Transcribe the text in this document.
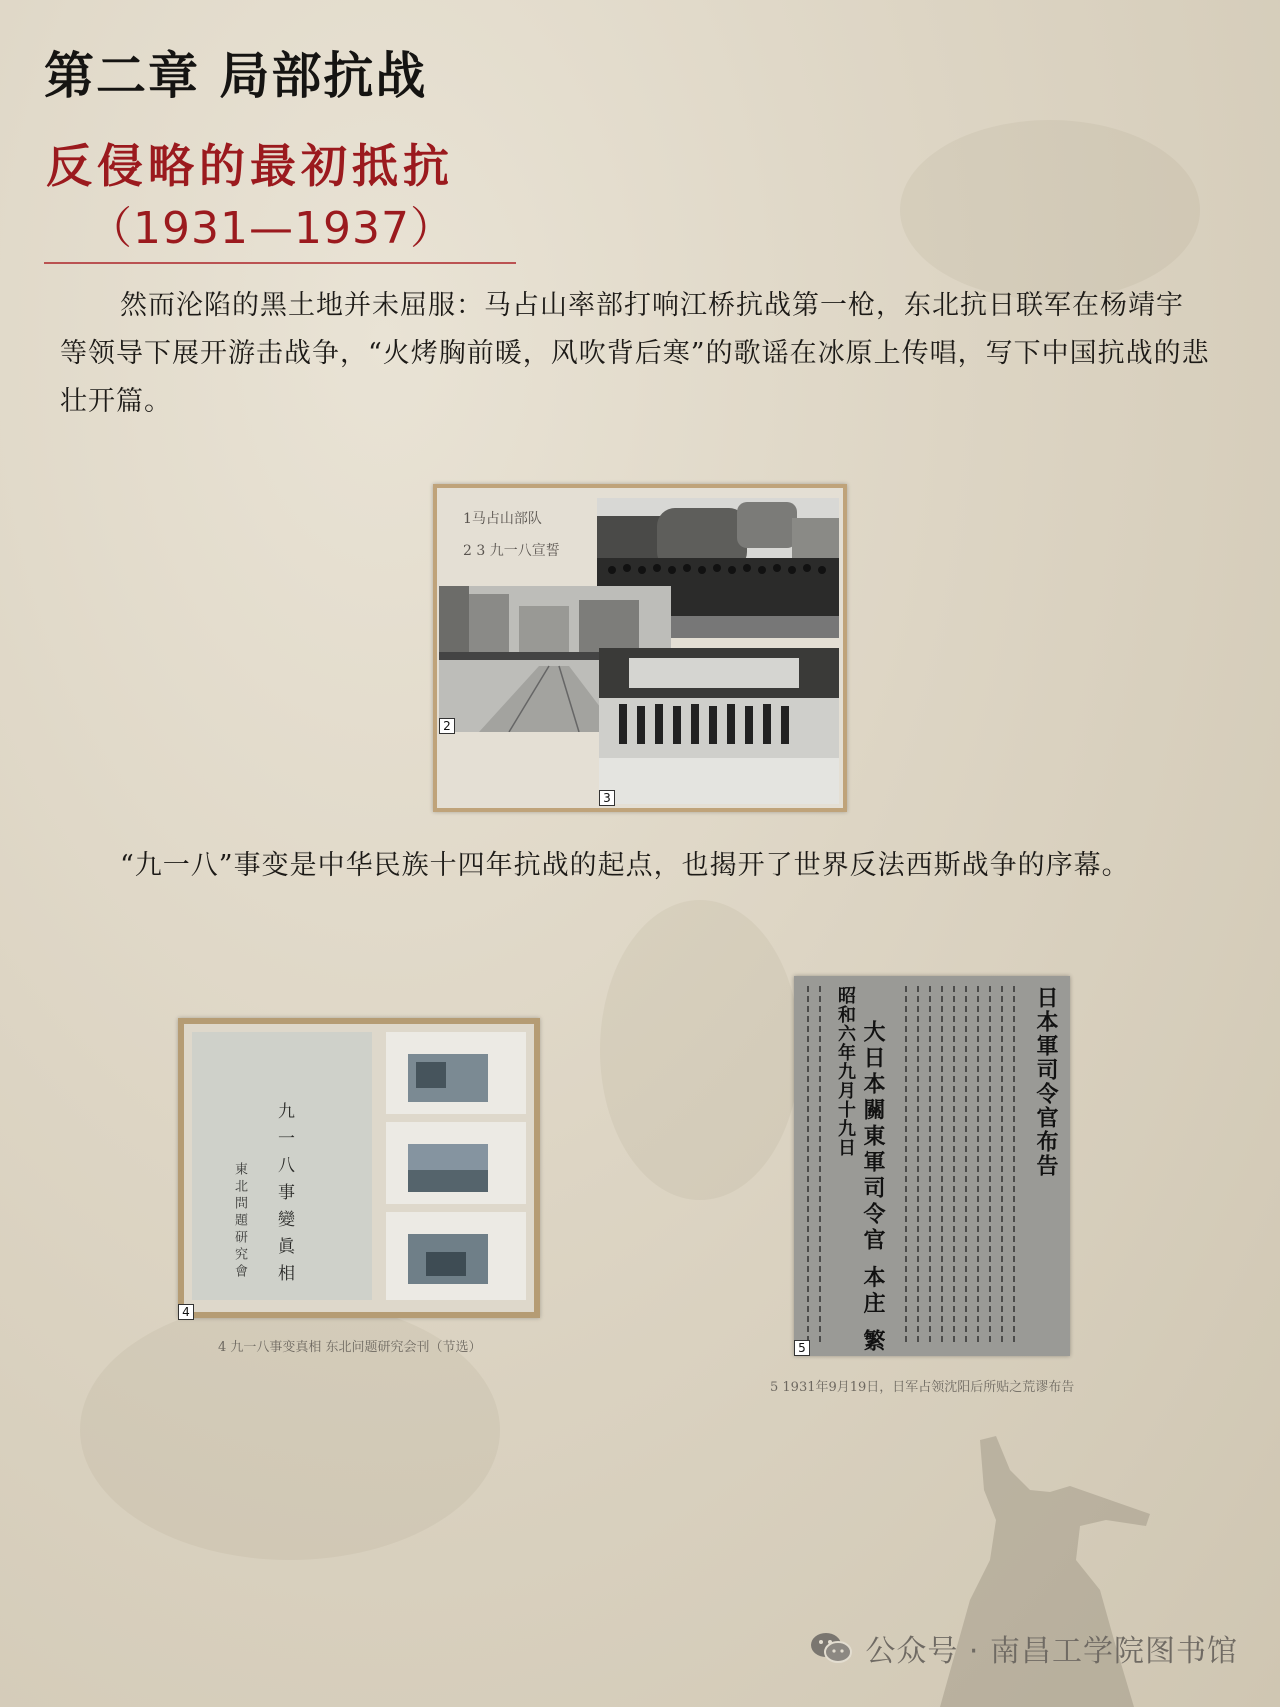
第二章 局部抗战
反侵略的最初抵抗
（1931—1937）

然而沦陷的黑土地并未屈服：马占山率部打响江桥抗战第一枪，东北抗日联军在杨靖宇等领导下展开游击战争，“火烤胸前暖，风吹背后寒”的歌谣在冰原上传唱，写下中国抗战的悲壮开篇。

1马占山部队
2 3 九一八宣誓
2
3

“九一八”事变是中华民族十四年抗战的起点，也揭开了世界反法西斯战争的序幕。

九一八事變眞相
東北問題研究會
4
4 九一八事变真相 东北问题研究会刊（节选）
日本軍司令官布告
昭和六年九月十九日 大日本關東軍司令官 本庄 繁
5
5 1931年9月19日，日军占领沈阳后所贴之荒谬布告
公众号 · 南昌工学院图书馆
